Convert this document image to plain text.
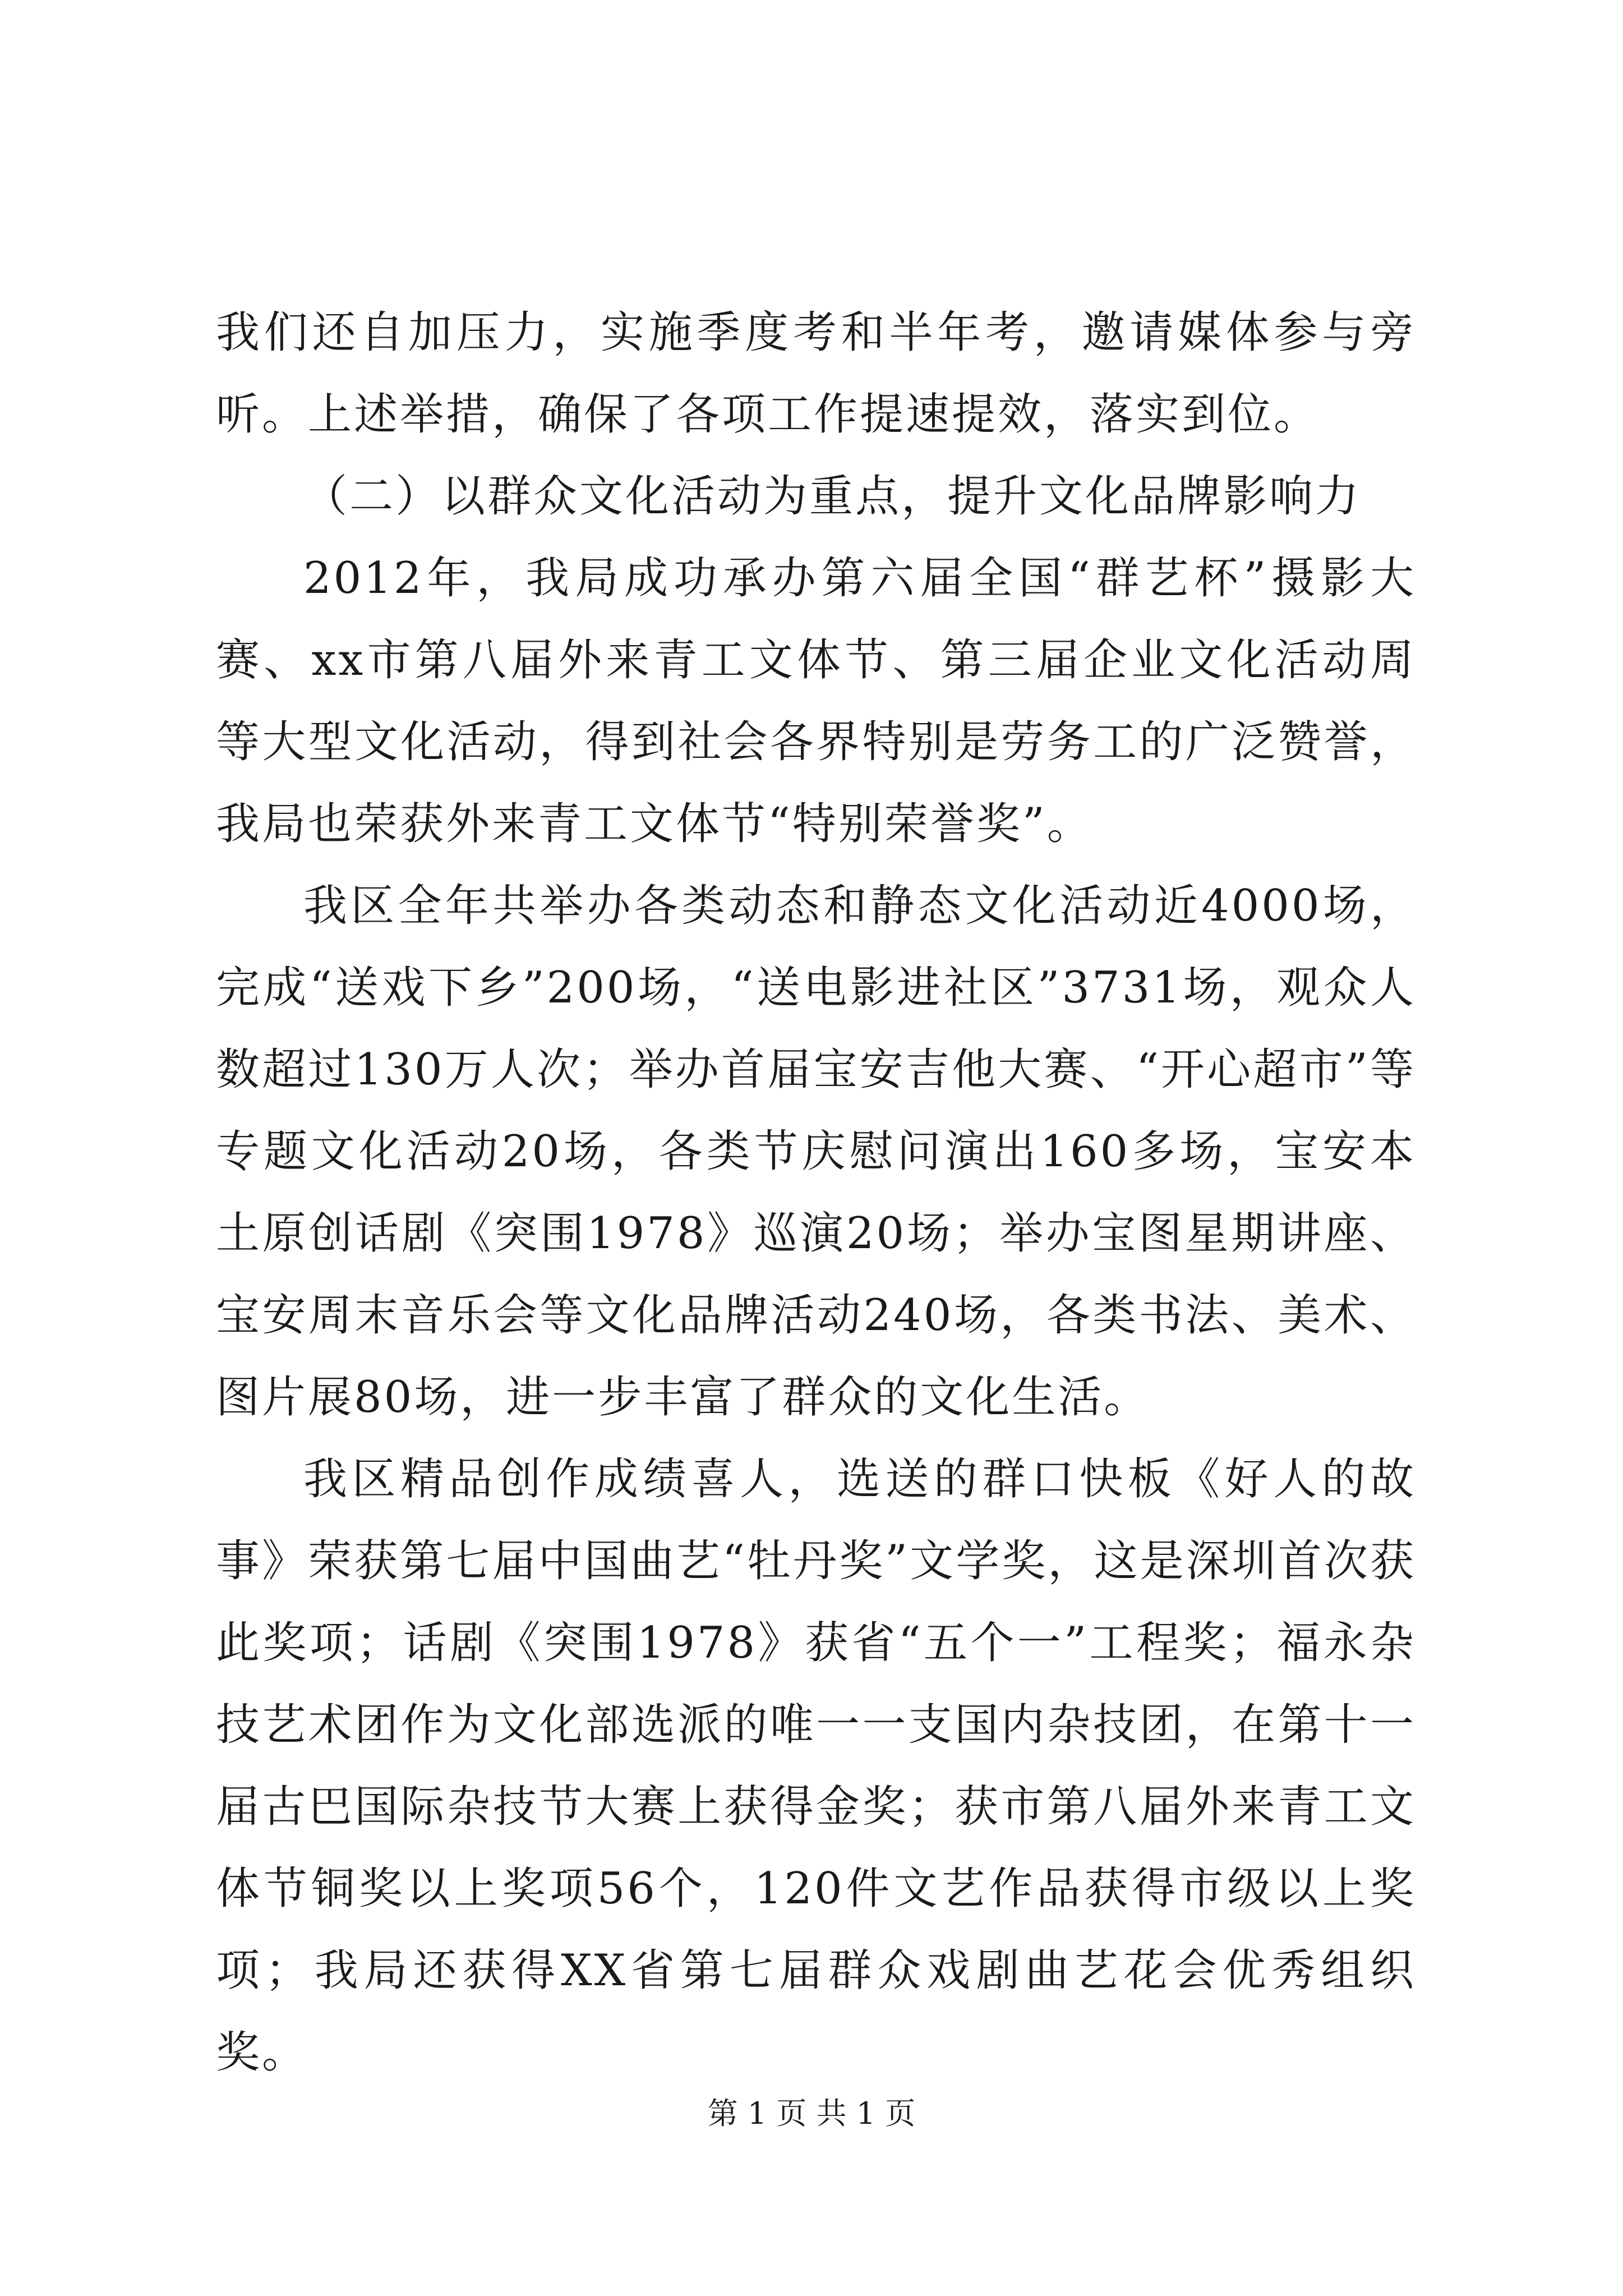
我们还自加压力，实施季度考和半年考，邀请媒体参与旁听。上述举措，确保了各项工作提速提效，落实到位。

（二）以群众文化活动为重点，提升文化品牌影响力

2012年，我局成功承办第六届全国“群艺杯”摄影大赛、xx市第八届外来青工文体节、第三届企业文化活动周等大型文化活动，得到社会各界特别是劳务工的广泛赞誉，我局也荣获外来青工文体节“特别荣誉奖”。

我区全年共举办各类动态和静态文化活动近4000场，完成“送戏下乡”200场，“送电影进社区”3731场，观众人数超过130万人次；举办首届宝安吉他大赛、“开心超市”等专题文化活动20场，各类节庆慰问演出160多场，宝安本土原创话剧《突围1978》巡演20场；举办宝图星期讲座、宝安周末音乐会等文化品牌活动240场，各类书法、美术、图片展80场，进一步丰富了群众的文化生活。

我区精品创作成绩喜人，选送的群口快板《好人的故事》荣获第七届中国曲艺“牡丹奖”文学奖，这是深圳首次获此奖项；话剧《突围1978》获省“五个一”工程奖；福永杂技艺术团作为文化部选派的唯一一支国内杂技团，在第十一届古巴国际杂技节大赛上获得金奖；获市第八届外来青工文体节铜奖以上奖项56个，120件文艺作品获得市级以上奖项；我局还获得XX省第七届群众戏剧曲艺花会优秀组织奖。

第 1 页 共 1 页
